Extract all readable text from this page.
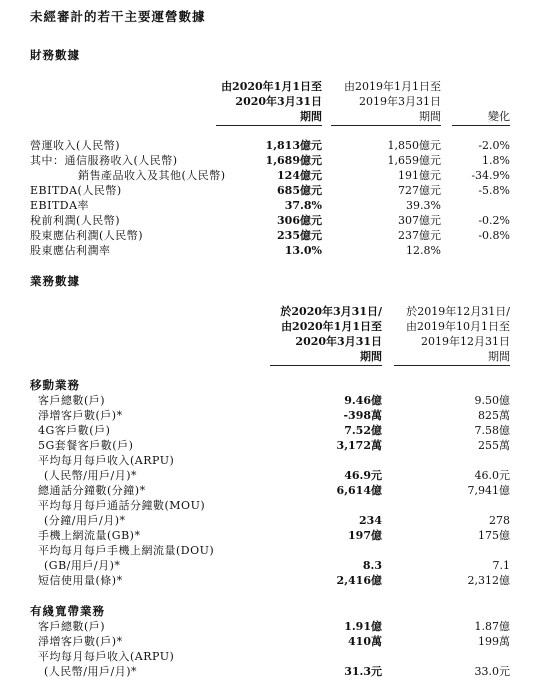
未經審計的若干主要運營數據
財務數據
由2020年1月1日至
2020年3月31日
期間
由2019年1月1日至
2019年3月31日
期間	變化
營運收入(人民幣)	1,813億元	1,850億元	-2.0%
其中：通信服務收入(人民幣)	1,689億元	1,659億元	1.8%
銷售產品收入及其他(人民幣)	124億元	191億元	-34.9%
EBITDA(人民幣)	685億元	727億元	-5.8%
EBITDA率	37.8%	39.3%
稅前利潤(人民幣)	306億元	307億元	-0.2%
股東應佔利潤(人民幣)	235億元	237億元	-0.8%
股東應佔利潤率	13.0%	12.8%
業務數據
於2020年3月31日/
由2020年1月1日至
2020年3月31日
期間
於2019年12月31日/
由2019年10月1日至
2019年12月31日
期間
移動業務
客戶總數(戶)	9.46億	9.50億
淨增客戶數(戶)*	-398萬	825萬
4G客戶數(戶)	7.52億	7.58億
5G套餐客戶數(戶)	3,172萬	255萬
平均每月每戶收入(ARPU)
(人民幣/用戶/月)*	46.9元	46.0元
總通話分鐘數(分鐘)*	6,614億	7,941億
平均每月每戶通話分鐘數(MOU)
(分鐘/用戶/月)*	234	278
手機上網流量(GB)*	197億	175億
平均每月每戶手機上網流量(DOU)
(GB/用戶/月)*	8.3	7.1
短信使用量(條)*	2,416億	2,312億
有綫寬帶業務
客戶總數(戶)	1.91億	1.87億
淨增客戶數(戶)*	410萬	199萬
平均每月每戶收入(ARPU)
(人民幣/用戶/月)*	31.3元	33.0元
